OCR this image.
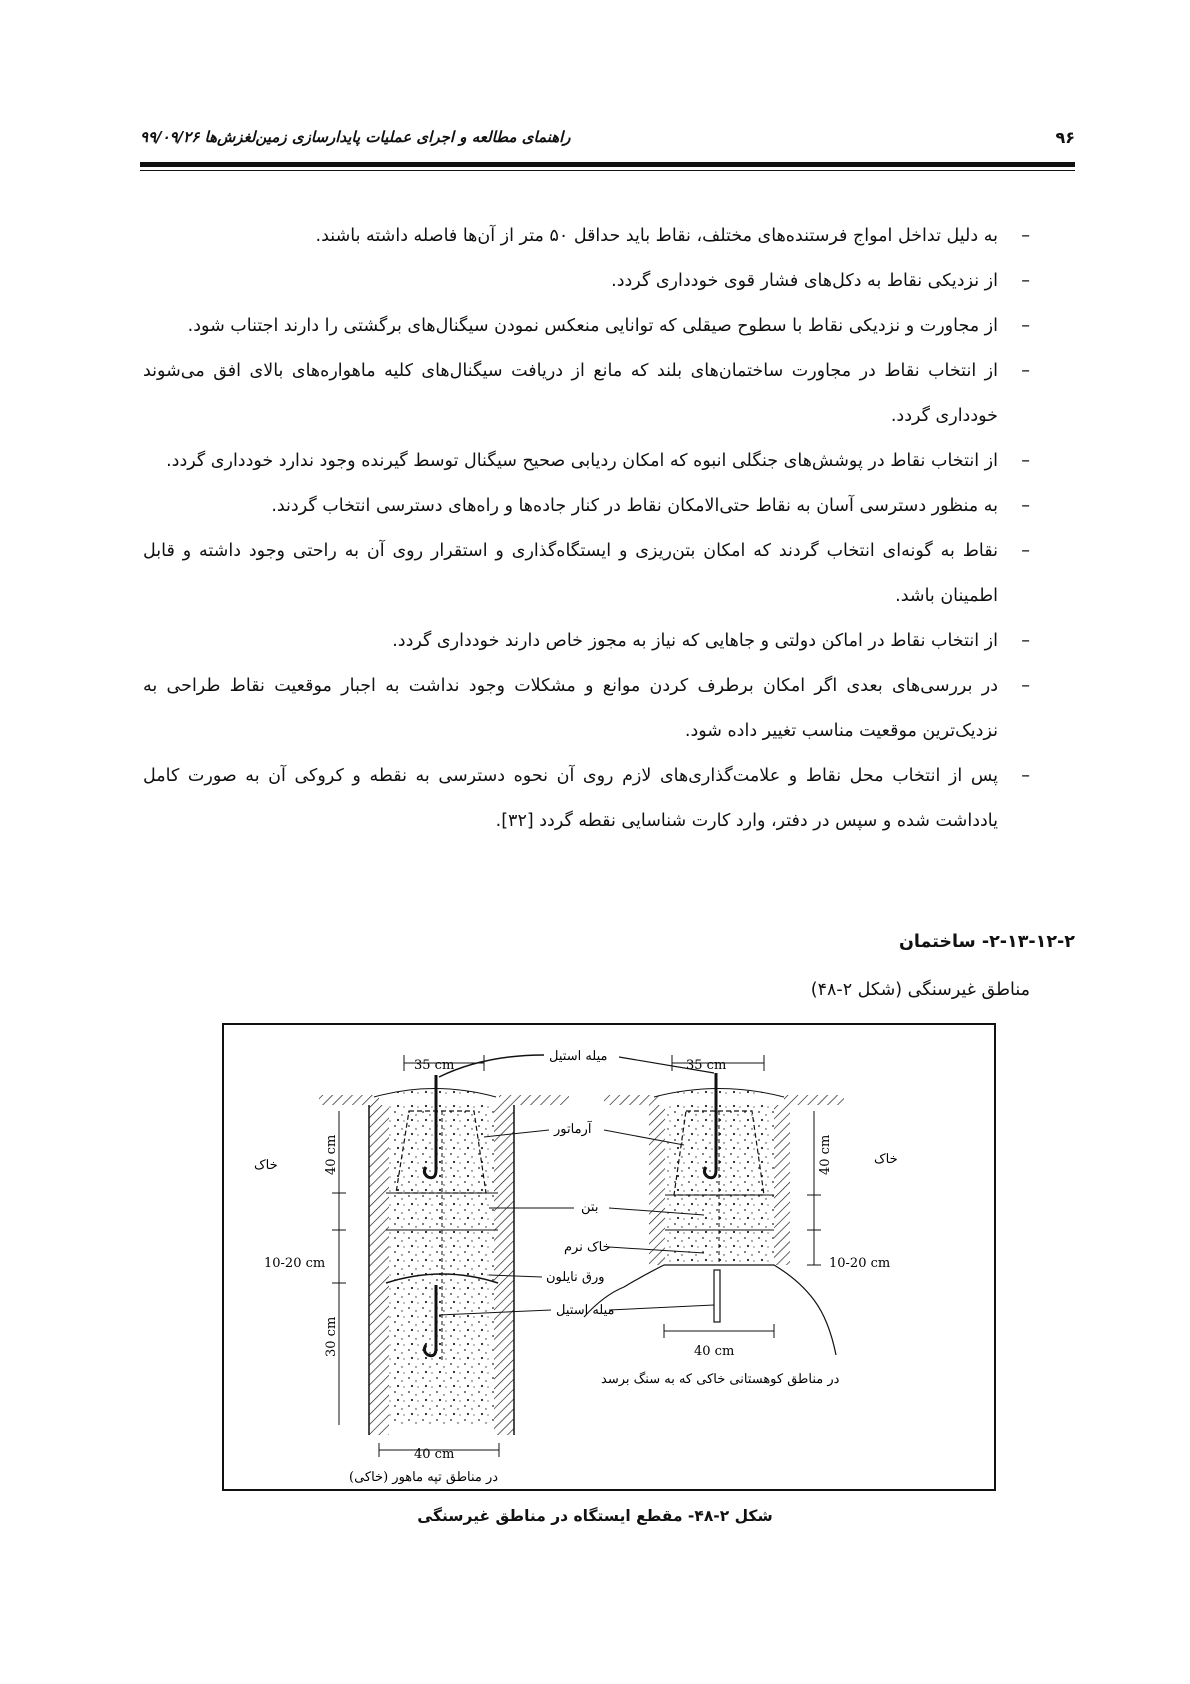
۹۶
راهنمای مطالعه و اجرای عملیات پایدارسازی زمین‌لغزش‌ها ۹۹/۰۹/۲۶

–
به دلیل تداخل امواج فرستنده‌های مختلف، نقاط باید حداقل ۵۰ متر از آن‌ها فاصله داشته باشند.

–
از نزدیکی نقاط به دکل‌های فشار قوی خودداری گردد.

–
از مجاورت و نزدیکی نقاط با سطوح صیقلی که توانایی منعکس نمودن سیگنال‌های برگشتی را دارند اجتناب شود.

–
از انتخاب نقاط در مجاورت ساختمان‌های بلند که مانع از دریافت سیگنال‌های کلیه ماهواره‌های بالای افق می‌شوند خودداری گردد.

–
از انتخاب نقاط در پوشش‌های جنگلی انبوه که امکان ردیابی صحیح سیگنال توسط گیرنده وجود ندارد خودداری گردد.

–
به منظور دسترسی آسان به نقاط حتی‌الامکان نقاط در کنار جاده‌ها و راه‌های دسترسی انتخاب گردند.

–
نقاط به گونه‌ای انتخاب گردند که امکان بتن‌ریزی و ایستگاه‌گذاری و استقرار روی آن به راحتی وجود داشته و قابل اطمینان باشد.

–
از انتخاب نقاط در اماکن دولتی و جاهایی که نیاز به مجوز خاص دارند خودداری گردد.

–
در بررسی‌های بعدی اگر امکان برطرف کردن موانع و مشکلات وجود نداشت به اجبار موقعیت نقاط طراحی به نزدیک‌ترین موقعیت مناسب تغییر داده شود.

–
پس از انتخاب محل نقاط و علامت‌گذاری‌های لازم روی آن نحوه دسترسی به نقطه و کروکی آن به صورت کامل یادداشت شده و سپس در دفتر، وارد کارت شناسایی نقطه گردد [۳۲].

۲-۱۳-۱۲-۲- ساختمان
مناطق غیرسنگی (شکل ۲-۴۸)
35 cm
40 cm
10-20 cm
30 cm
40 cm
خاک
در مناطق تپه ماهور (خاکی)
35 cm
40 cm
10-20 cm
40 cm
خاک
در مناطق کوهستانی خاکی که به سنگ برسد
میله استیل
آرماتور
بتن
خاک نرم
ورق نایلون
میله استیل
شکل ۲-۴۸- مقطع ایستگاه در مناطق غیرسنگی
